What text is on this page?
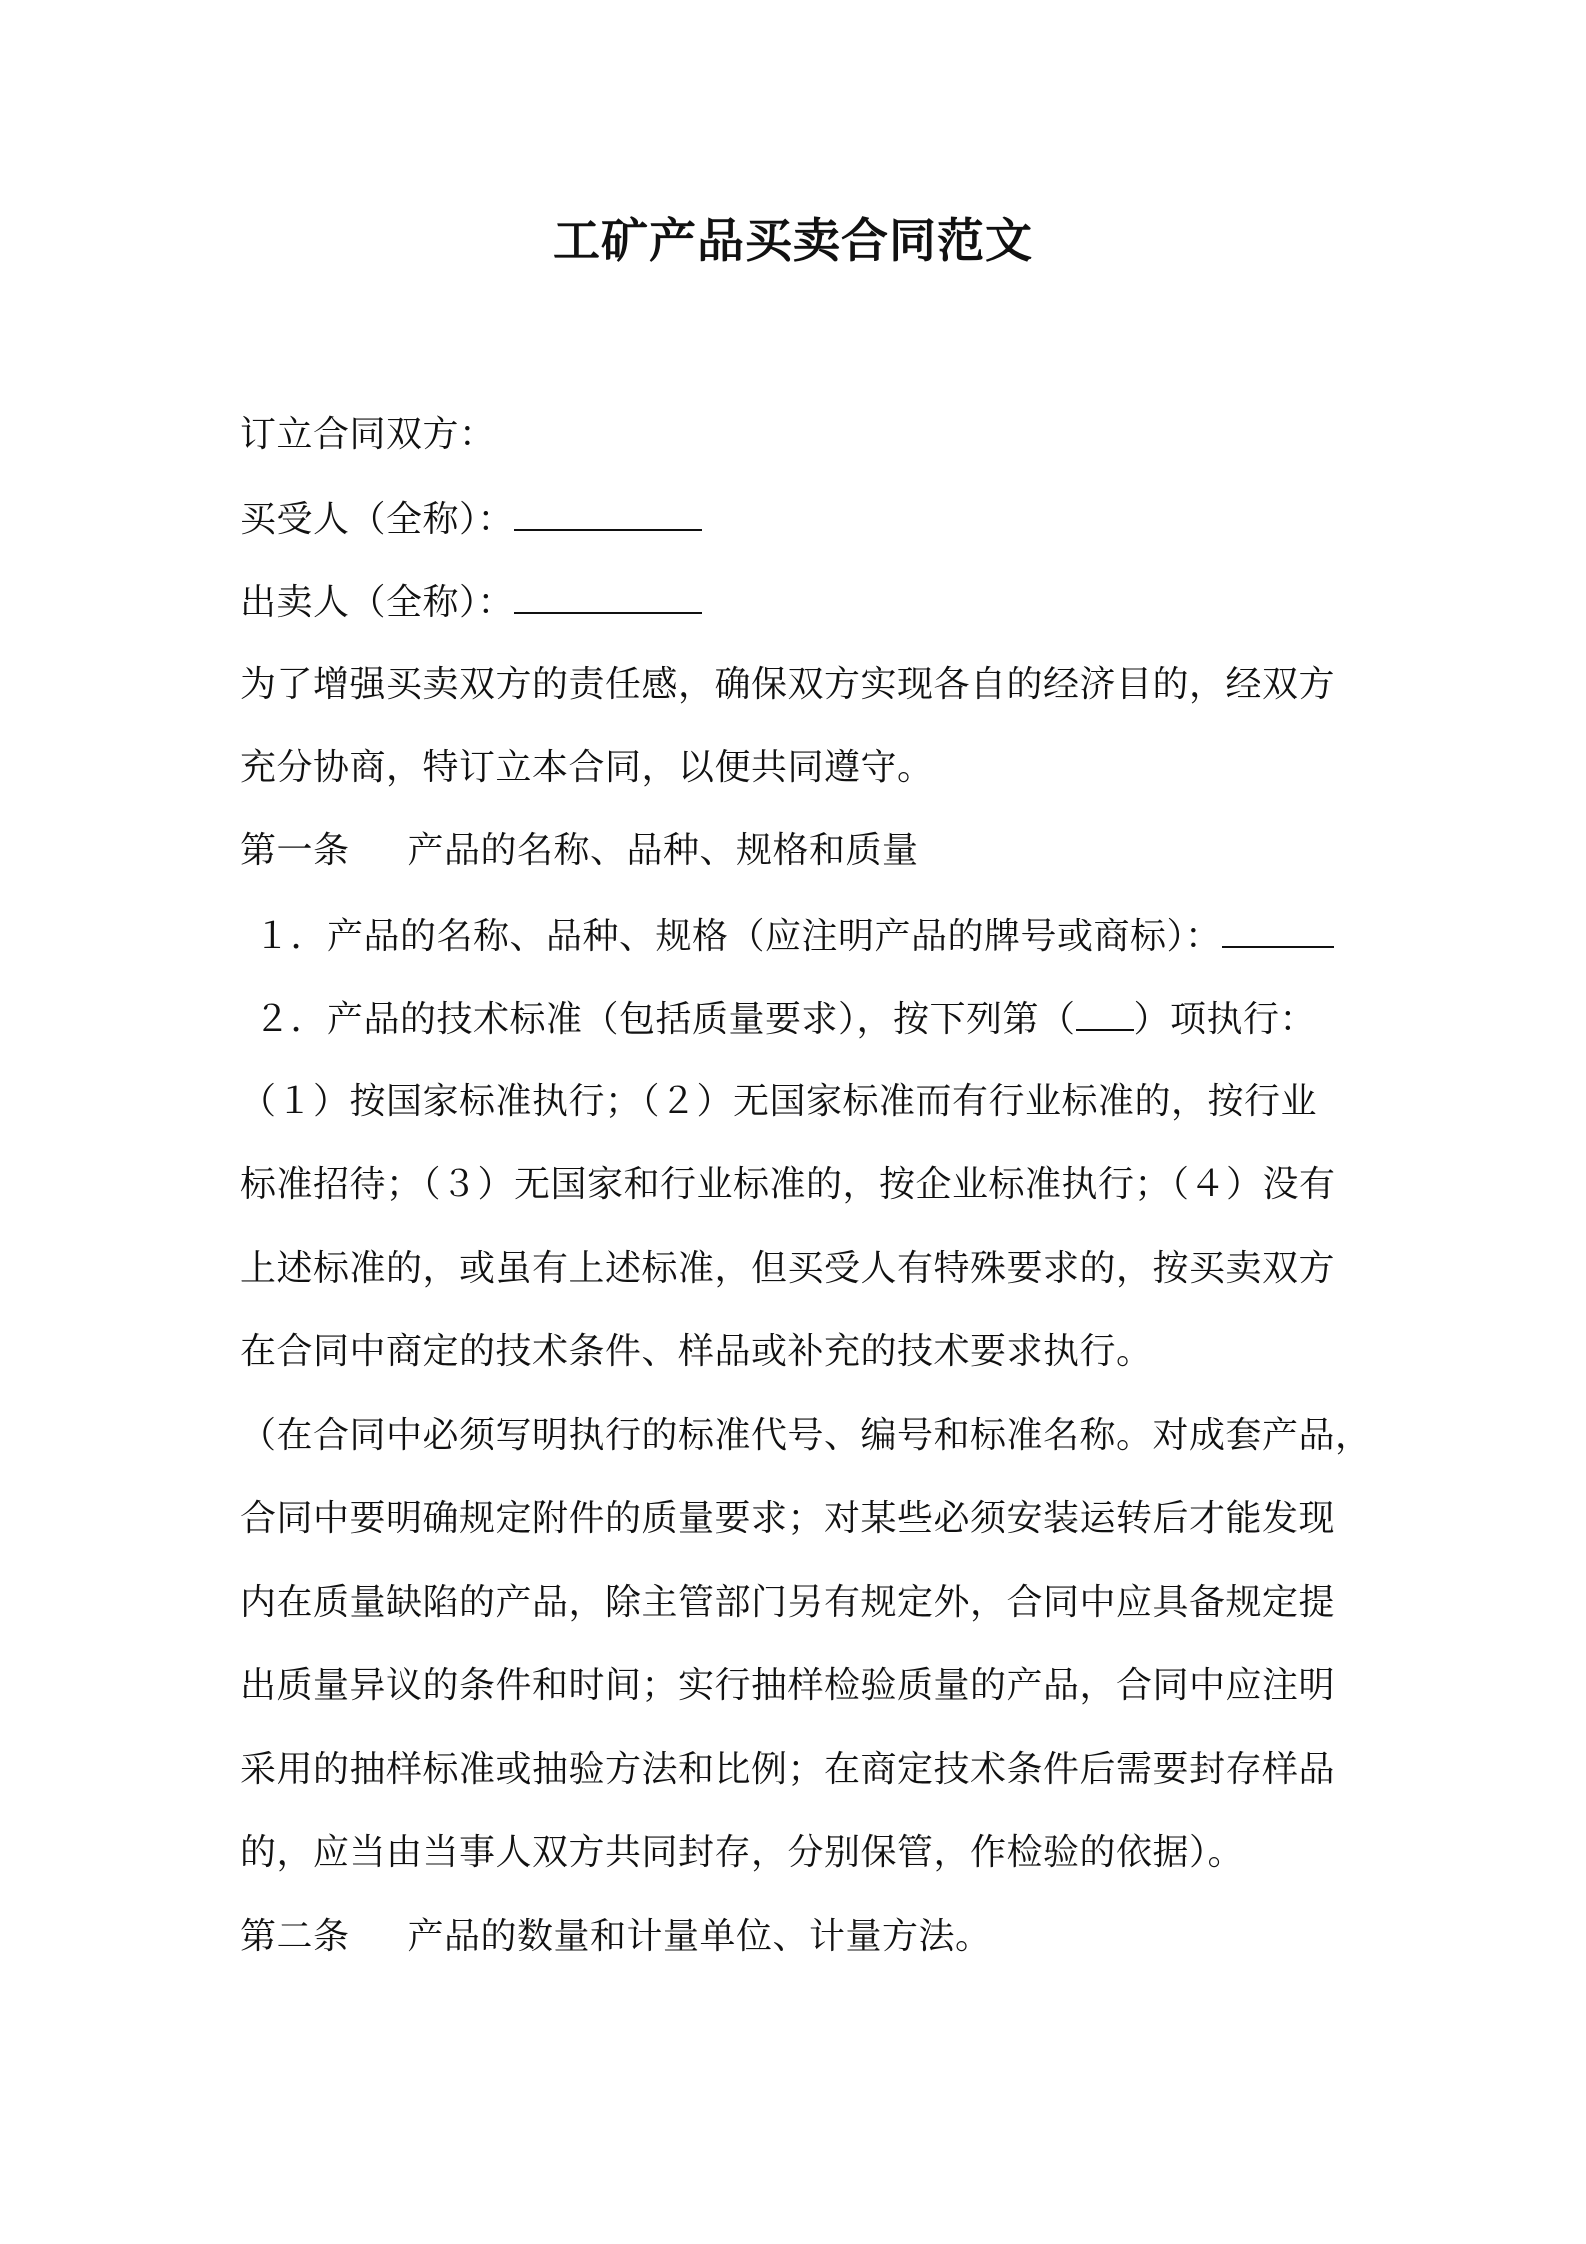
工矿产品买卖合同范文
订立合同双方：
买受人（全称）：
出卖人（全称）：
为了增强买卖双方的责任感，确保双方实现各自的经济目的，经双方
充分协商，特订立本合同，以便共同遵守。
第一条 产品的名称、品种、规格和质量
１．产品的名称、品种、规格（应注明产品的牌号或商标）：
２．产品的技术标准（包括质量要求），按下列第（ ）项执行：
（１）按国家标准执行；（２）无国家标准而有行业标准的，按行业
标准招待；（３）无国家和行业标准的，按企业标准执行；（４）没有
上述标准的，或虽有上述标准，但买受人有特殊要求的，按买卖双方
在合同中商定的技术条件、样品或补充的技术要求执行。
（在合同中必须写明执行的标准代号、编号和标准名称。对成套产品，
合同中要明确规定附件的质量要求；对某些必须安装运转后才能发现
内在质量缺陷的产品，除主管部门另有规定外，合同中应具备规定提
出质量异议的条件和时间；实行抽样检验质量的产品，合同中应注明
采用的抽样标准或抽验方法和比例；在商定技术条件后需要封存样品
的，应当由当事人双方共同封存，分别保管，作检验的依据）。
第二条 产品的数量和计量单位、计量方法。
